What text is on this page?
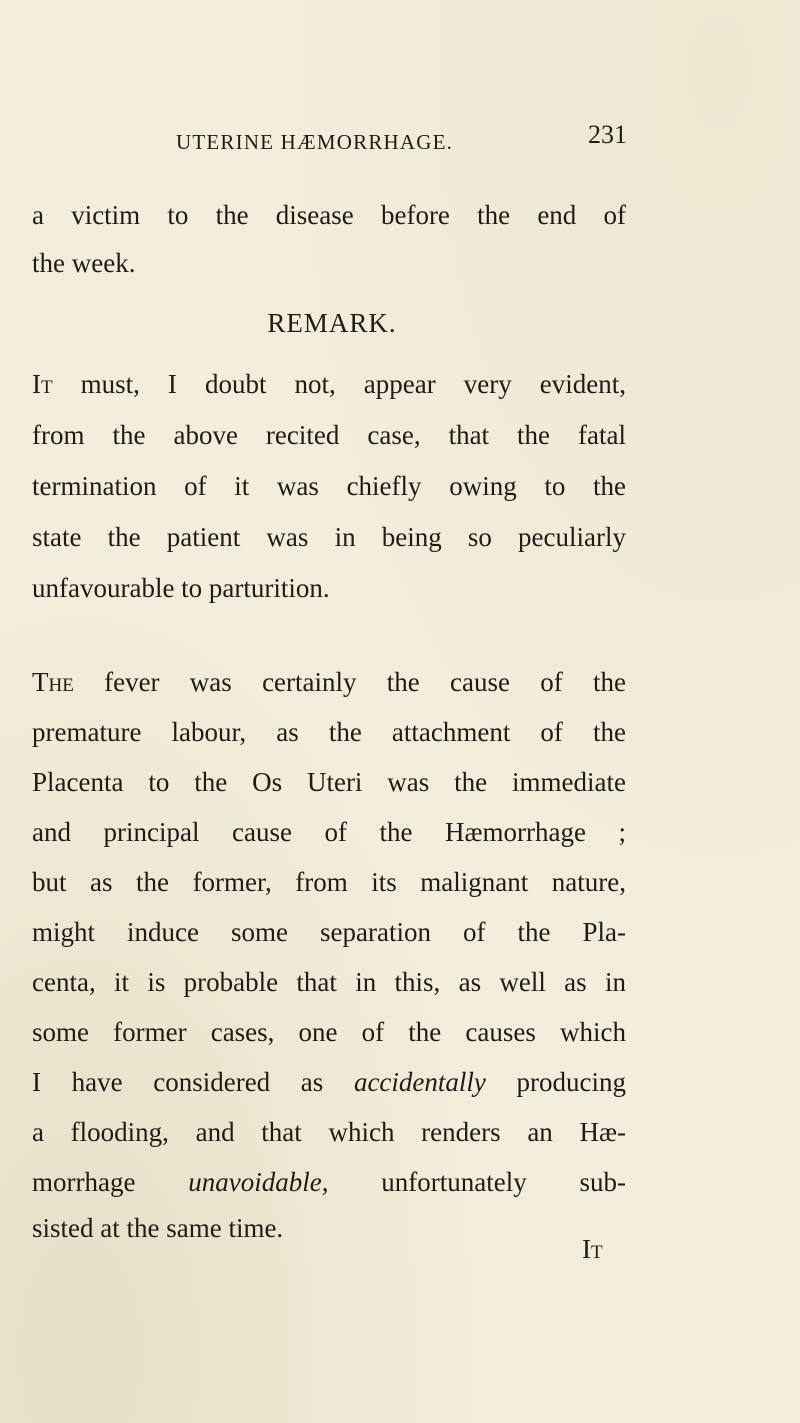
UTERINE HÆMORRHAGE.	231
a victim to the disease before the end of
the week.
REMARK.
It must, I doubt not, appear very evident,
from the above recited case, that the fatal
termination of it was chiefly owing to the
state the patient was in being so peculiarly
unfavourable to parturition.
The fever was certainly the cause of the
premature labour, as the attachment of the
Placenta to the Os Uteri was the immediate
and principal cause of the Hæmorrhage ;
but as the former, from its malignant nature,
might induce some separation of the Pla-
centa, it is probable that in this, as well as in
some former cases, one of the causes which
I have considered as accidentally producing
a flooding, and that which renders an Hæ-
morrhage unavoidable, unfortunately sub-
sisted at the same time.
It
